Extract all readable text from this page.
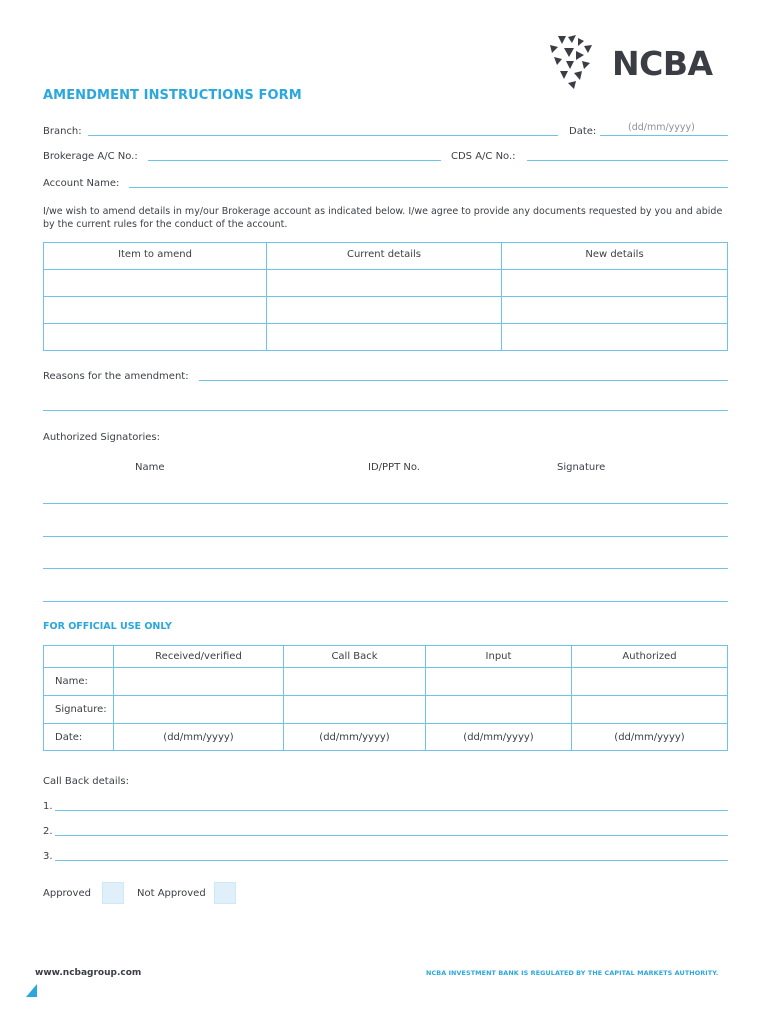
NCBA
AMENDMENT INSTRUCTIONS FORM
Branch:	Date:	(dd/mm/yyyy)
Brokerage A/C No.:	CDS A/C No.:
Account Name:
I/we wish to amend details in my/our Brokerage account as indicated below. I/we agree to provide any documents requested by you and abide by the current rules for the conduct of the account.
Item to amend	Current details	New details

Reasons for the amendment:
Authorized Signatories:
Name	ID/PPT No.	Signature
FOR OFFICIAL USE ONLY
	Received/verified	Call Back	Input	Authorized
Name:				
Signature:				
Date:	(dd/mm/yyyy)	(dd/mm/yyyy)	(dd/mm/yyyy)	(dd/mm/yyyy)
Call Back details:
1.
2.
3.
Approved	Not Approved
www.ncbagroup.com	NCBA INVESTMENT BANK IS REGULATED BY THE CAPITAL MARKETS AUTHORITY.
